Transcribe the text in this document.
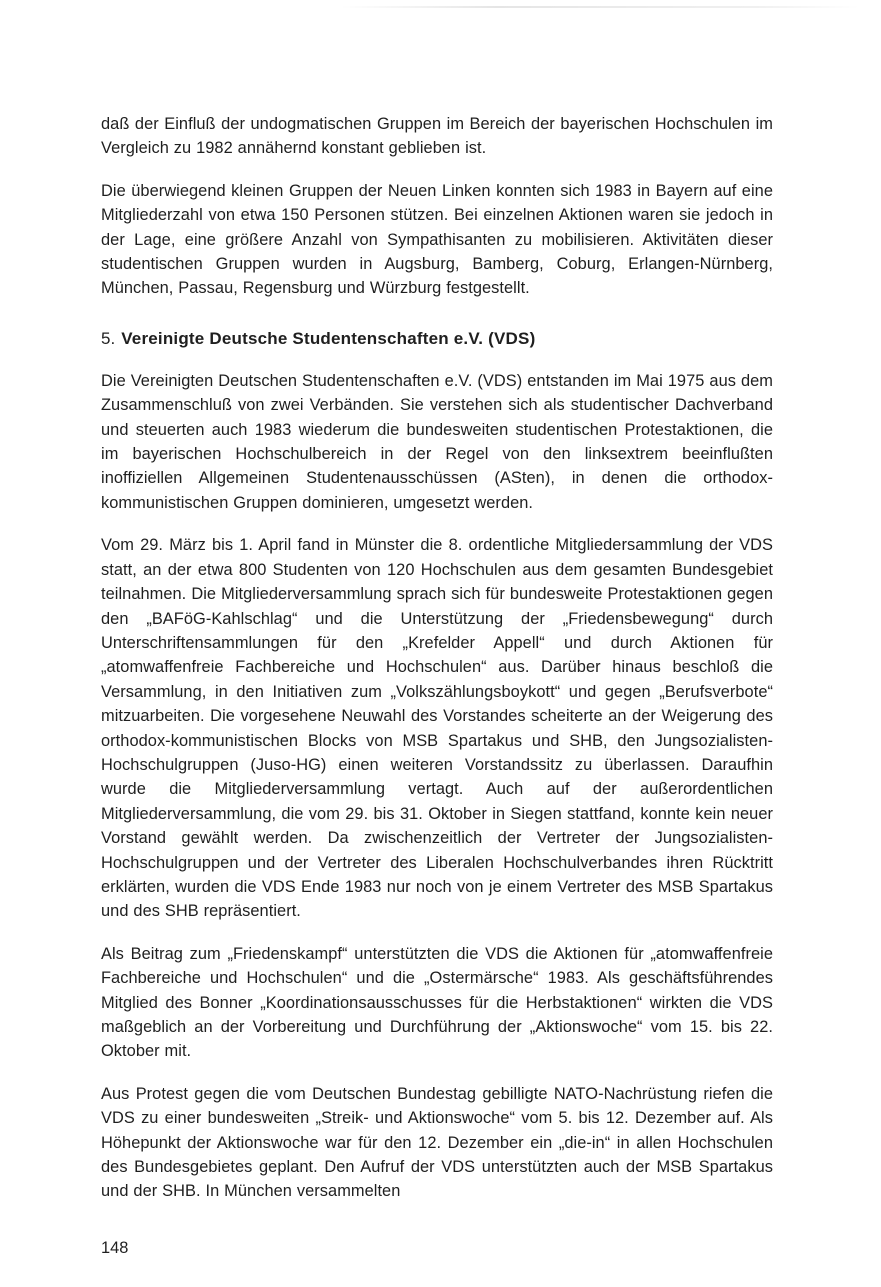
daß der Einfluß der undogmatischen Gruppen im Bereich der bayerischen Hochschulen im Vergleich zu 1982 annähernd konstant geblieben ist.

Die überwiegend kleinen Gruppen der Neuen Linken konnten sich 1983 in Bayern auf eine Mitgliederzahl von etwa 150 Personen stützen. Bei einzelnen Aktionen waren sie jedoch in der Lage, eine größere Anzahl von Sympathisanten zu mobilisieren. Aktivitäten dieser studentischen Gruppen wurden in Augsburg, Bamberg, Coburg, Erlangen-Nürnberg, München, Passau, Regensburg und Würzburg festgestellt.

5. Vereinigte Deutsche Studentenschaften e.V. (VDS)

Die Vereinigten Deutschen Studentenschaften e.V. (VDS) entstanden im Mai 1975 aus dem Zusammenschluß von zwei Verbänden. Sie verstehen sich als studentischer Dachverband und steuerten auch 1983 wiederum die bundesweiten studentischen Protestaktionen, die im bayerischen Hochschulbereich in der Regel von den linksextrem beeinflußten inoffiziellen Allgemeinen Studentenausschüssen (ASten), in denen die orthodox-kommunistischen Gruppen dominieren, umgesetzt werden.

Vom 29. März bis 1. April fand in Münster die 8. ordentliche Mitgliedersammlung der VDS statt, an der etwa 800 Studenten von 120 Hochschulen aus dem gesamten Bundesgebiet teilnahmen. Die Mitgliederversammlung sprach sich für bundesweite Protestaktionen gegen den „BAFöG-Kahlschlag“ und die Unterstützung der „Friedensbewegung“ durch Unterschriftensammlungen für den „Krefelder Appell“ und durch Aktionen für „atomwaffenfreie Fachbereiche und Hochschulen“ aus. Darüber hinaus beschloß die Versammlung, in den Initiativen zum „Volkszählungsboykott“ und gegen „Berufsverbote“ mitzuarbeiten. Die vorgesehene Neuwahl des Vorstandes scheiterte an der Weigerung des orthodox-kommunistischen Blocks von MSB Spartakus und SHB, den Jungsozialisten-Hochschulgruppen (Juso-HG) einen weiteren Vorstandssitz zu überlassen. Daraufhin wurde die Mitgliederversammlung vertagt. Auch auf der außerordentlichen Mitgliederversammlung, die vom 29. bis 31. Oktober in Siegen stattfand, konnte kein neuer Vorstand gewählt werden. Da zwischenzeitlich der Vertreter der Jungsozialisten-Hochschulgruppen und der Vertreter des Liberalen Hochschulverbandes ihren Rücktritt erklärten, wurden die VDS Ende 1983 nur noch von je einem Vertreter des MSB Spartakus und des SHB repräsentiert.

Als Beitrag zum „Friedenskampf“ unterstützten die VDS die Aktionen für „atomwaffenfreie Fachbereiche und Hochschulen“ und die „Ostermärsche“ 1983. Als geschäftsführendes Mitglied des Bonner „Koordinationsausschusses für die Herbstaktionen“ wirkten die VDS maßgeblich an der Vorbereitung und Durchführung der „Aktionswoche“ vom 15. bis 22. Oktober mit.

Aus Protest gegen die vom Deutschen Bundestag gebilligte NATO-Nachrüstung riefen die VDS zu einer bundesweiten „Streik- und Aktionswoche“ vom 5. bis 12. Dezember auf. Als Höhepunkt der Aktionswoche war für den 12. Dezember ein „die-in“ in allen Hochschulen des Bundesgebietes geplant. Den Aufruf der VDS unterstützten auch der MSB Spartakus und der SHB. In München versammelten

148
